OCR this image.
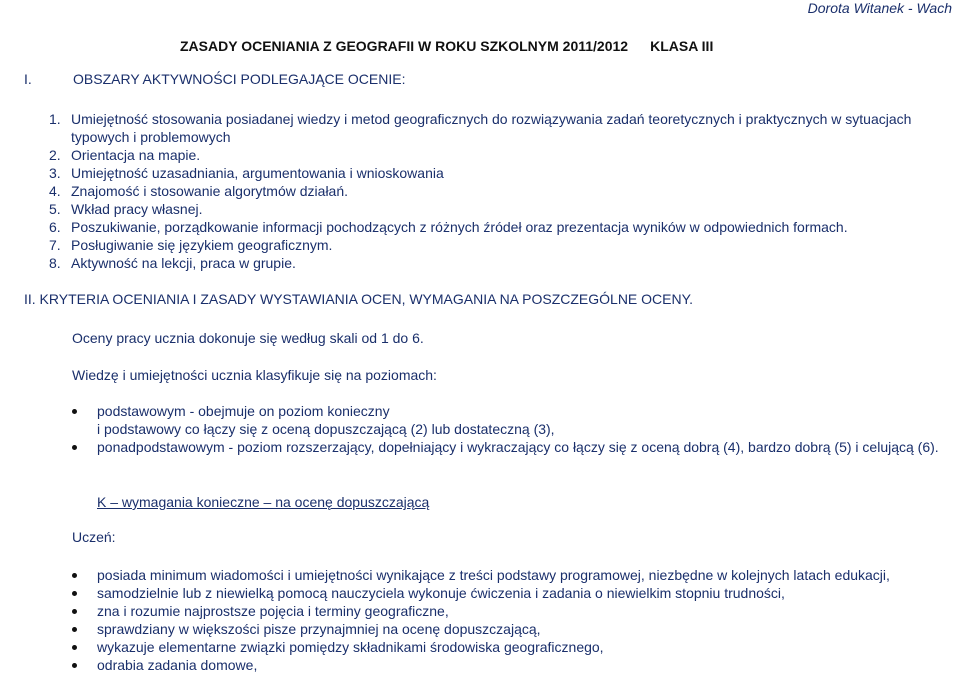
Dorota Witanek - Wach
ZASADY OCENIANIA Z GEOGRAFII W ROKU SZKOLNYM 2011/2012 KLASA III
I.	OBSZARY AKTYWNOŚCI PODLEGAJĄCE OCENIE:
1. Umiejętność stosowania posiadanej wiedzy i metod geograficznych do rozwiązywania zadań teoretycznych i praktycznych w sytuacjach typowych i problemowych
2. Orientacja na mapie.
3. Umiejętność uzasadniania, argumentowania i wnioskowania
4. Znajomość i stosowanie algorytmów działań.
5. Wkład pracy własnej.
6. Poszukiwanie, porządkowanie informacji pochodzących z różnych źródeł oraz prezentacja wyników w odpowiednich formach.
7. Posługiwanie się językiem geograficznym.
8. Aktywność na lekcji, praca w grupie.
II. KRYTERIA OCENIANIA I ZASADY WYSTAWIANIA OCEN, WYMAGANIA NA POSZCZEGÓLNE OCENY.
Oceny pracy ucznia dokonuje się według skali od 1 do 6.
Wiedzę i umiejętności ucznia klasyfikuje się na poziomach:
podstawowym - obejmuje on poziom konieczny
i podstawowy co łączy się z oceną dopuszczającą (2) lub dostateczną (3),
ponadpodstawowym - poziom rozszerzający, dopełniający i wykraczający co łączy się z oceną dobrą (4), bardzo dobrą (5) i celującą (6).
K – wymagania konieczne – na ocenę dopuszczającą
Uczeń:
posiada minimum wiadomości i umiejętności wynikające z treści podstawy programowej, niezbędne w kolejnych latach edukacji,
samodzielnie lub z niewielką pomocą nauczyciela wykonuje ćwiczenia i zadania o niewielkim stopniu trudności,
zna i rozumie najprostsze pojęcia i terminy geograficzne,
sprawdziany w większości pisze przynajmniej na ocenę dopuszczającą,
wykazuje elementarne związki pomiędzy składnikami środowiska geograficznego,
odrabia zadania domowe,
